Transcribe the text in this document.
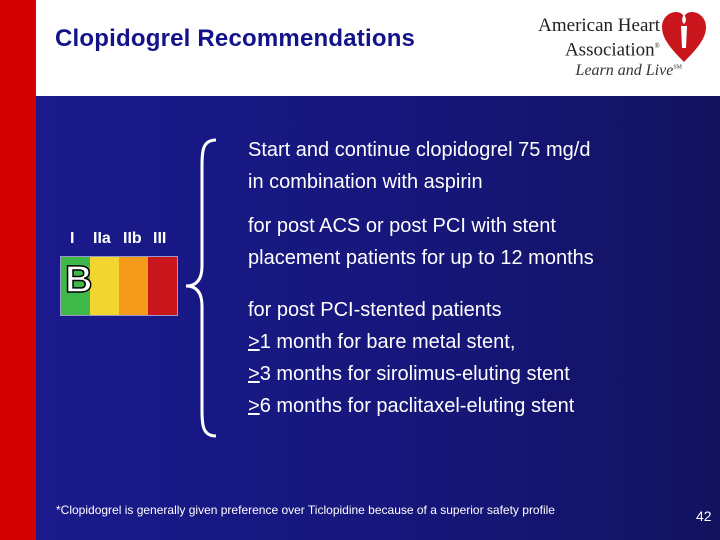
Clopidogrel Recommendations	American Heart
Association®
Learn and Live℠
I IIa IIb III
B

Start and continue clopidogrel 75 mg/d
in combination with aspirin

for post ACS or post PCI with stent
placement patients for up to 12 months

for post PCI-stented patients
≥1 month for bare metal stent,
≥3 months for sirolimus-eluting stent
≥6 months for paclitaxel-eluting stent

*Clopidogrel is generally given preference over Ticlopidine because of a superior safety profile	42
